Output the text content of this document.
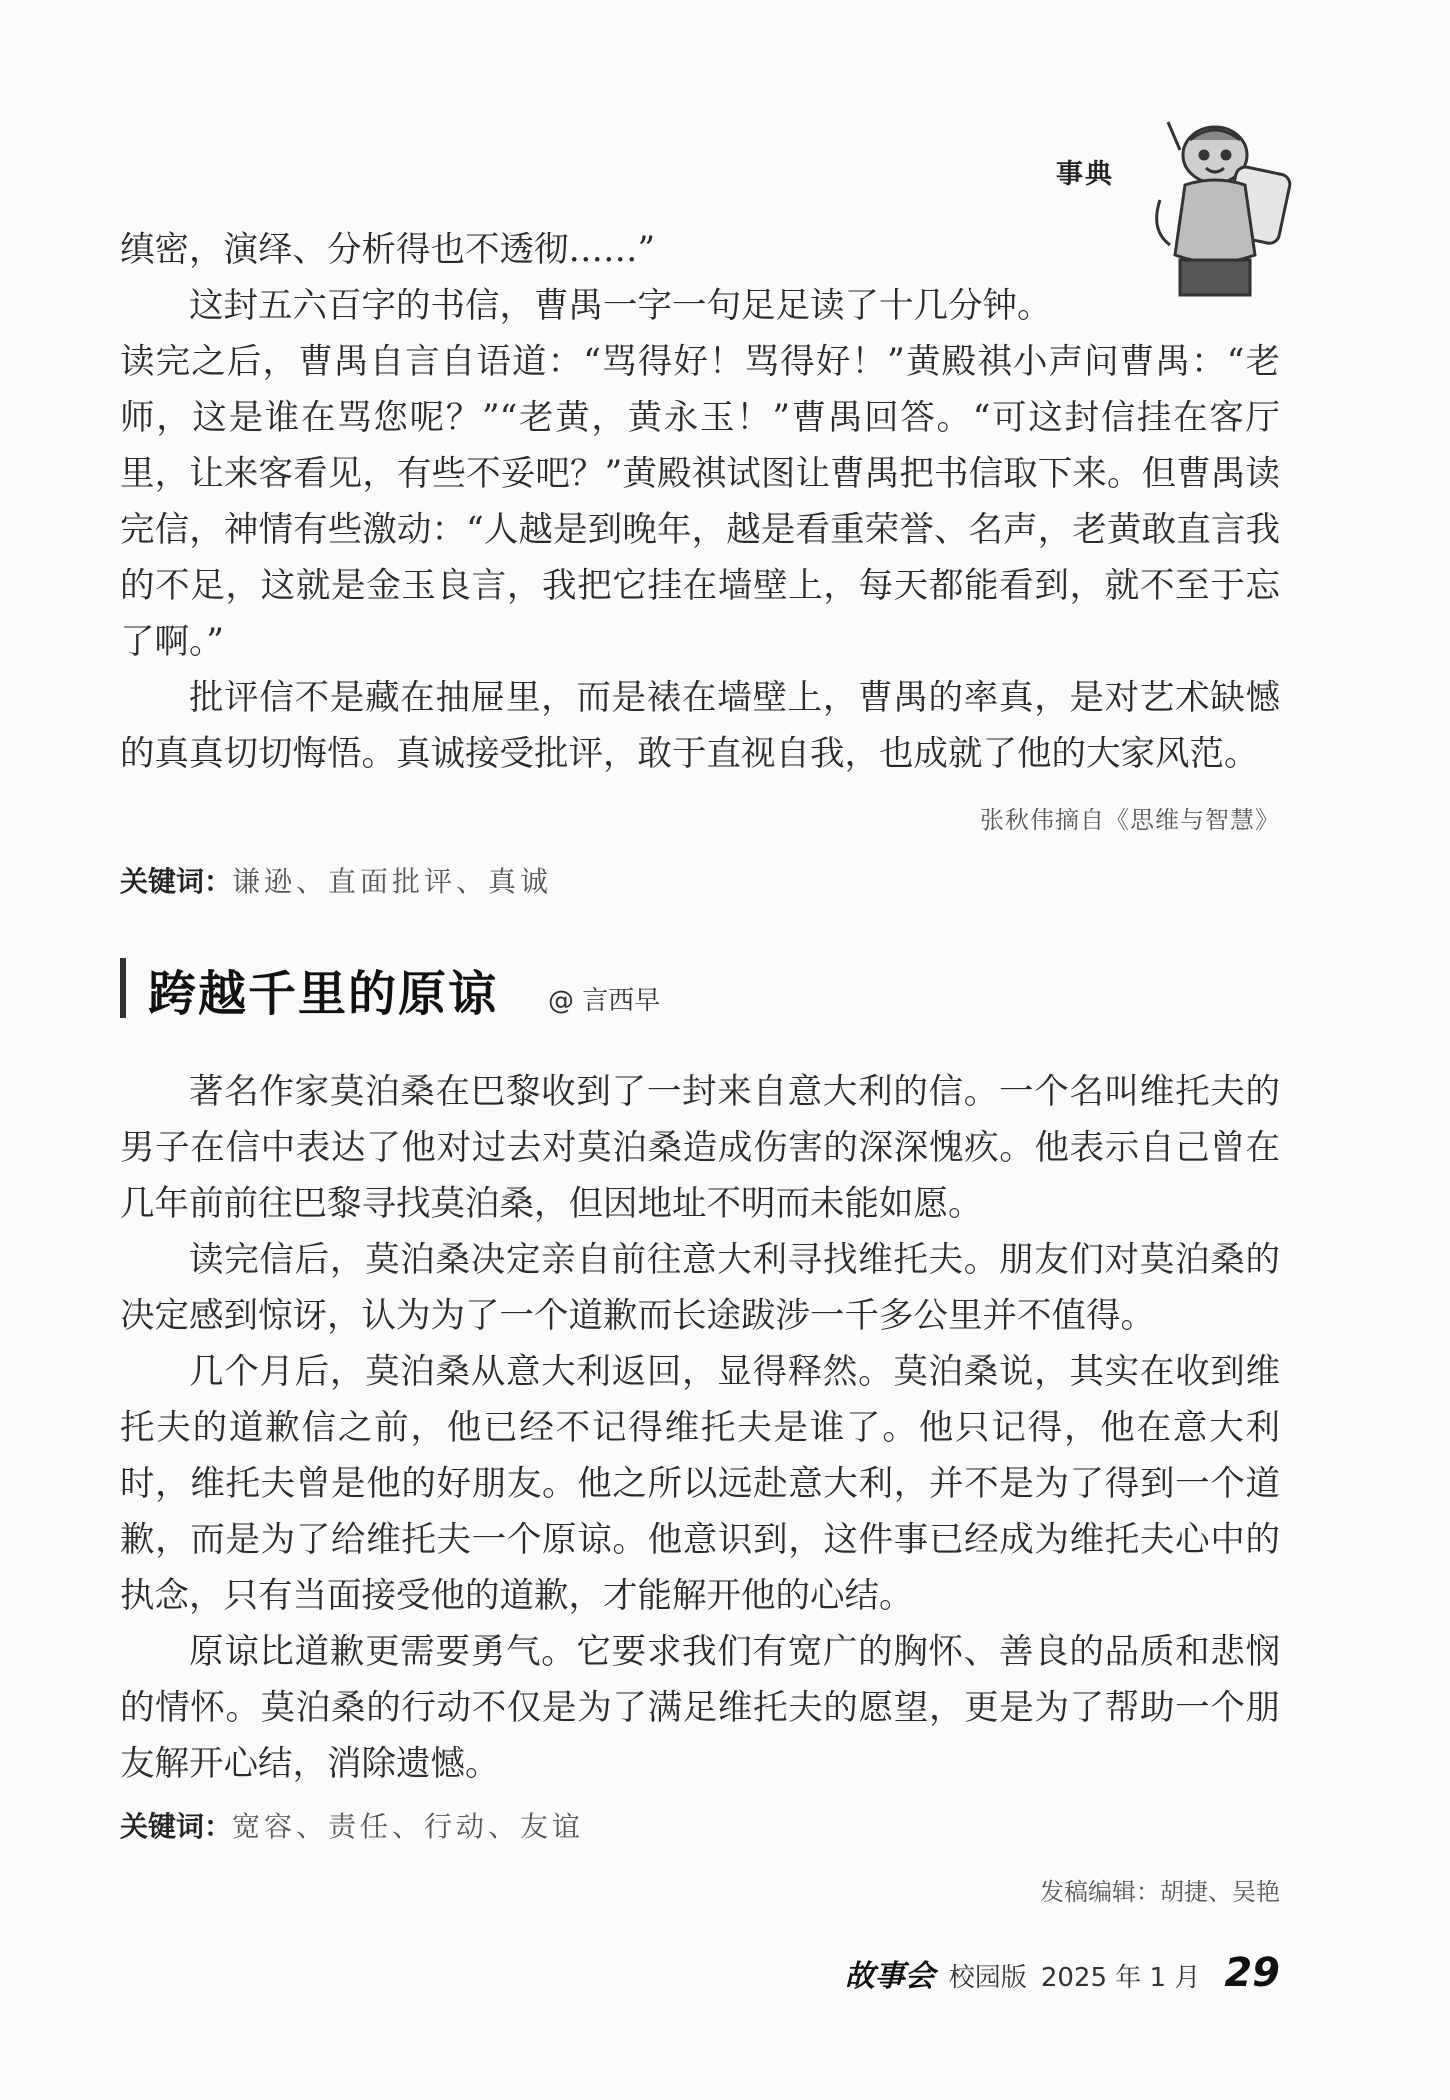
事典

缜密，演绎、分析得也不透彻……”

这封五六百字的书信，曹禺一字一句足足读了十几分钟。

读完之后，曹禺自言自语道：“骂得好！骂得好！”黄殿祺小声问曹禺：“老师，这是谁在骂您呢？”“老黄，黄永玉！”曹禺回答。“可这封信挂在客厅里，让来客看见，有些不妥吧？”黄殿祺试图让曹禺把书信取下来。但曹禺读完信，神情有些激动：“人越是到晚年，越是看重荣誉、名声，老黄敢直言我的不足，这就是金玉良言，我把它挂在墙壁上，每天都能看到，就不至于忘了啊。”

批评信不是藏在抽屉里，而是裱在墙壁上，曹禺的率真，是对艺术缺憾的真真切切悔悟。真诚接受批评，敢于直视自我，也成就了他的大家风范。

张秋伟摘自《思维与智慧》
关键词：谦逊、直面批评、真诚
跨越千里的原谅 @ 言西早

著名作家莫泊桑在巴黎收到了一封来自意大利的信。一个名叫维托夫的男子在信中表达了他对过去对莫泊桑造成伤害的深深愧疚。他表示自己曾在几年前前往巴黎寻找莫泊桑，但因地址不明而未能如愿。

读完信后，莫泊桑决定亲自前往意大利寻找维托夫。朋友们对莫泊桑的决定感到惊讶，认为为了一个道歉而长途跋涉一千多公里并不值得。

几个月后，莫泊桑从意大利返回，显得释然。莫泊桑说，其实在收到维托夫的道歉信之前，他已经不记得维托夫是谁了。他只记得，他在意大利时，维托夫曾是他的好朋友。他之所以远赴意大利，并不是为了得到一个道歉，而是为了给维托夫一个原谅。他意识到，这件事已经成为维托夫心中的执念，只有当面接受他的道歉，才能解开他的心结。

原谅比道歉更需要勇气。它要求我们有宽广的胸怀、善良的品质和悲悯的情怀。莫泊桑的行动不仅是为了满足维托夫的愿望，更是为了帮助一个朋友解开心结，消除遗憾。

关键词：宽容、责任、行动、友谊
发稿编辑：胡捷、吴艳
故事会 校园版 2025 年 1 月 29
